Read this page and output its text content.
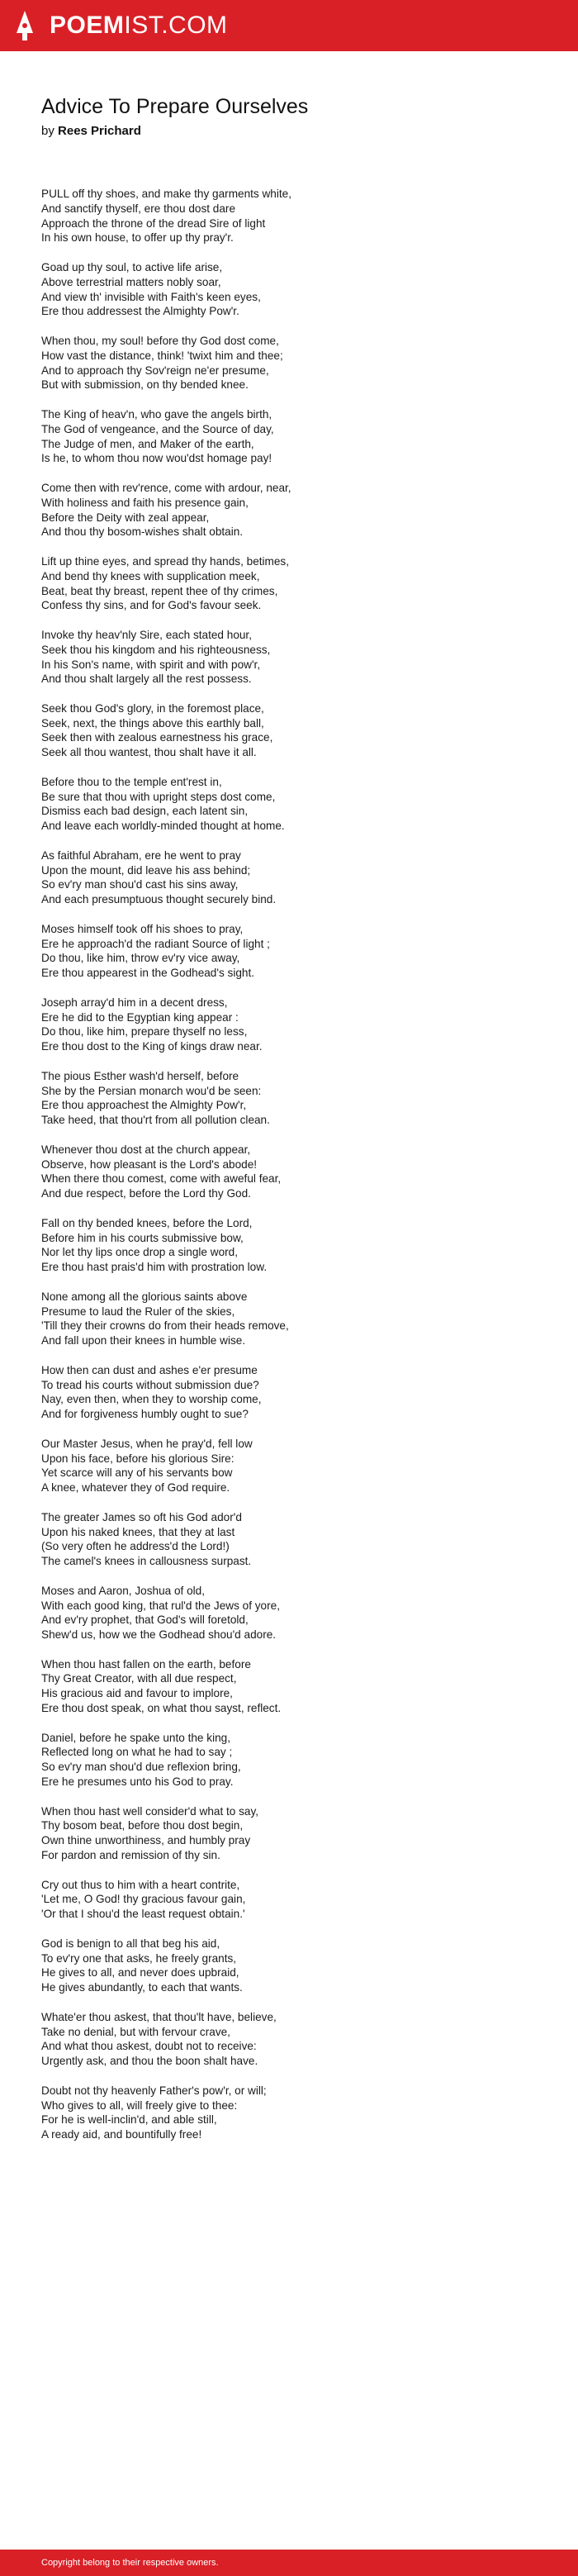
POEMIST.COM
Advice To Prepare Ourselves

by Rees Prichard

PULL off thy shoes, and make thy garments white,
And sanctify thyself, ere thou dost dare
Approach the throne of the dread Sire of light
In his own house, to offer up thy pray'r.
Goad up thy soul, to active life arise,
Above terrestrial matters nobly soar,
And view th' invisible with Faith's keen eyes,
Ere thou addressest the Almighty Pow'r.
When thou, my soul! before thy God dost come,
How vast the distance, think! 'twixt him and thee;
And to approach thy Sov'reign ne'er presume,
But with submission, on thy bended knee.
The King of heav'n, who gave the angels birth,
The God of vengeance, and the Source of day,
The Judge of men, and Maker of the earth,
Is he, to whom thou now wou'dst homage pay!
Come then with rev'rence, come with ardour, near,
With holiness and faith his presence gain,
Before the Deity with zeal appear,
And thou thy bosom-wishes shalt obtain.
Lift up thine eyes, and spread thy hands, betimes,
And bend thy knees with supplication meek,
Beat, beat thy breast, repent thee of thy crimes,
Confess thy sins, and for God's favour seek.
Invoke thy heav'nly Sire, each stated hour,
Seek thou his kingdom and his righteousness,
In his Son's name, with spirit and with pow'r,
And thou shalt largely all the rest possess.
Seek thou God's glory, in the foremost place,
Seek, next, the things above this earthly ball,
Seek then with zealous earnestness his grace,
Seek all thou wantest, thou shalt have it all.
Before thou to the temple ent'rest in,
Be sure that thou with upright steps dost come,
Dismiss each bad design, each latent sin,
And leave each worldly-minded thought at home.
As faithful Abraham, ere he went to pray
Upon the mount, did leave his ass behind;
So ev'ry man shou'd cast his sins away,
And each presumptuous thought securely bind.
Moses himself took off his shoes to pray,
Ere he approach'd the radiant Source of light ;
Do thou, like him, throw ev'ry vice away,
Ere thou appearest in the Godhead's sight.
Joseph array'd him in a decent dress,
Ere he did to the Egyptian king appear :
Do thou, like him, prepare thyself no less,
Ere thou dost to the King of kings draw near.
The pious Esther wash'd herself, before
She by the Persian monarch wou'd be seen:
Ere thou approachest the Almighty Pow'r,
Take heed, that thou'rt from all pollution clean.
Whenever thou dost at the church appear,
Observe, how pleasant is the Lord's abode!
When there thou comest, come with aweful fear,
And due respect, before the Lord thy God.
Fall on thy bended knees, before the Lord,
Before him in his courts submissive bow,
Nor let thy lips once drop a single word,
Ere thou hast prais'd him with prostration low.
None among all the glorious saints above
Presume to laud the Ruler of the skies,
'Till they their crowns do from their heads remove,
And fall upon their knees in humble wise.
How then can dust and ashes e'er presume
To tread his courts without submission due?
Nay, even then, when they to worship come,
And for forgiveness humbly ought to sue?
Our Master Jesus, when he pray'd, fell low
Upon his face, before his glorious Sire:
Yet scarce will any of his servants bow
A knee, whatever they of God require.
The greater James so oft his God ador'd
Upon his naked knees, that they at last
(So very often he address'd the Lord!)
The camel's knees in callousness surpast.
Moses and Aaron, Joshua of old,
With each good king, that rul'd the Jews of yore,
And ev'ry prophet, that God's will foretold,
Shew'd us, how we the Godhead shou'd adore.
When thou hast fallen on the earth, before
Thy Great Creator, with all due respect,
His gracious aid and favour to implore,
Ere thou dost speak, on what thou sayst, reflect.
Daniel, before he spake unto the king,
Reflected long on what he had to say ;
So ev'ry man shou'd due reflexion bring,
Ere he presumes unto his God to pray.
When thou hast well consider'd what to say,
Thy bosom beat, before thou dost begin,
Own thine unworthiness, and humbly pray
For pardon and remission of thy sin.
Cry out thus to him with a heart contrite,
'Let me, O God! thy gracious favour gain,
'Or that I shou'd the least request obtain.'
God is benign to all that beg his aid,
To ev'ry one that asks, he freely grants,
He gives to all, and never does upbraid,
He gives abundantly, to each that wants.
Whate'er thou askest, that thou'lt have, believe,
Take no denial, but with fervour crave,
And what thou askest, doubt not to receive:
Urgently ask, and thou the boon shalt have.
Doubt not thy heavenly Father's pow'r, or will;
Who gives to all, will freely give to thee:
For he is well-inclin'd, and able still,
A ready aid, and bountifully free!
Copyright belong to their respective owners.
